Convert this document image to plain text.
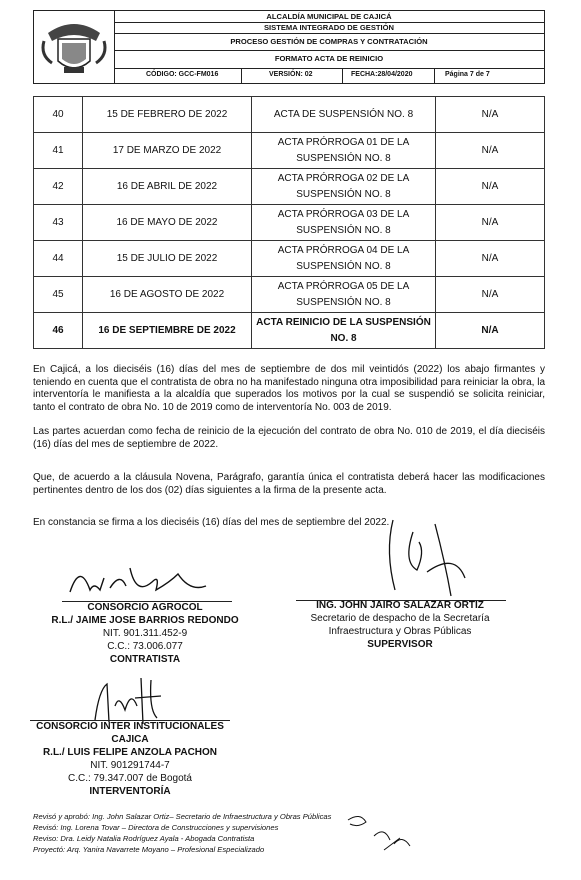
ALCALDÍA MUNICIPAL DE CAJICÁ
SISTEMA INTEGRADO DE GESTIÓN
PROCESO GESTIÓN DE COMPRAS Y CONTRATACIÓN
FORMATO ACTA DE REINICIO
CÓDIGO: GCC-FM016	VERSIÓN: 02	FECHA:28/04/2020	Página 7 de 7
40	15 DE FEBRERO DE 2022	ACTA DE SUSPENSIÓN NO. 8	N/A
41	17 DE MARZO DE 2022	ACTA PRÓRROGA 01 DE LA SUSPENSIÓN NO. 8	N/A
42	16 DE ABRIL DE 2022	ACTA PRÓRROGA 02 DE LA SUSPENSIÓN NO. 8	N/A
43	16 DE MAYO DE 2022	ACTA PRÓRROGA 03 DE LA SUSPENSIÓN NO. 8	N/A
44	15 DE JULIO DE 2022	ACTA PRÓRROGA 04 DE LA SUSPENSIÓN NO. 8	N/A
45	16 DE AGOSTO DE 2022	ACTA PRÓRROGA 05 DE LA SUSPENSIÓN NO. 8	N/A
46	16 DE SEPTIEMBRE DE 2022	ACTA REINICIO DE LA SUSPENSIÓN NO. 8	N/A
En Cajicá, a los dieciséis (16) días del mes de septiembre de dos mil veintidós (2022) los abajo firmantes y teniendo en cuenta que el contratista de obra no ha manifestado ninguna otra imposibilidad para reiniciar la obra, la interventoría le manifiesta a la alcaldía que superados los motivos por la cual se suspendió se solicita reiniciar, tanto el contrato de obra No. 10 de 2019 como de interventoría No. 003 de 2019.
Las partes acuerdan como fecha de reinicio de la ejecución del contrato de obra No. 010 de 2019, el día dieciséis (16) días del mes de septiembre de 2022.
Que, de acuerdo a la cláusula Novena, Parágrafo, garantía única el contratista deberá hacer las modificaciones pertinentes dentro de los dos (02) días siguientes a la firma de la presente acta.
En constancia se firma a los dieciséis (16) días del mes de septiembre del 2022.
CONSORCIO AGROCOL
R.L./ JAIME JOSE BARRIOS REDONDO
NIT. 901.311.452-9
C.C.: 73.006.077
CONTRATISTA
ING. JOHN JAIRO SALAZAR ORTIZ
Secretario de despacho de la Secretaría
Infraestructura y Obras Públicas
SUPERVISOR
CONSORCIO INTER INSTITUCIONALES
CAJICA
R.L./ LUIS FELIPE ANZOLA PACHON
NIT. 901291744-7
C.C.: 79.347.007 de Bogotá
INTERVENTORÍA
Revisó y aprobó: Ing. John Salazar Ortiz– Secretario de Infraestructura y Obras Públicas
Revisó: Ing. Lorena Tovar – Directora de Construcciones y supervisiones
Reviso: Dra. Leidy Natalia Rodríguez Ayala - Abogada Contratista
Proyectó: Arq. Yanira Navarrete Moyano – Profesional Especializado
